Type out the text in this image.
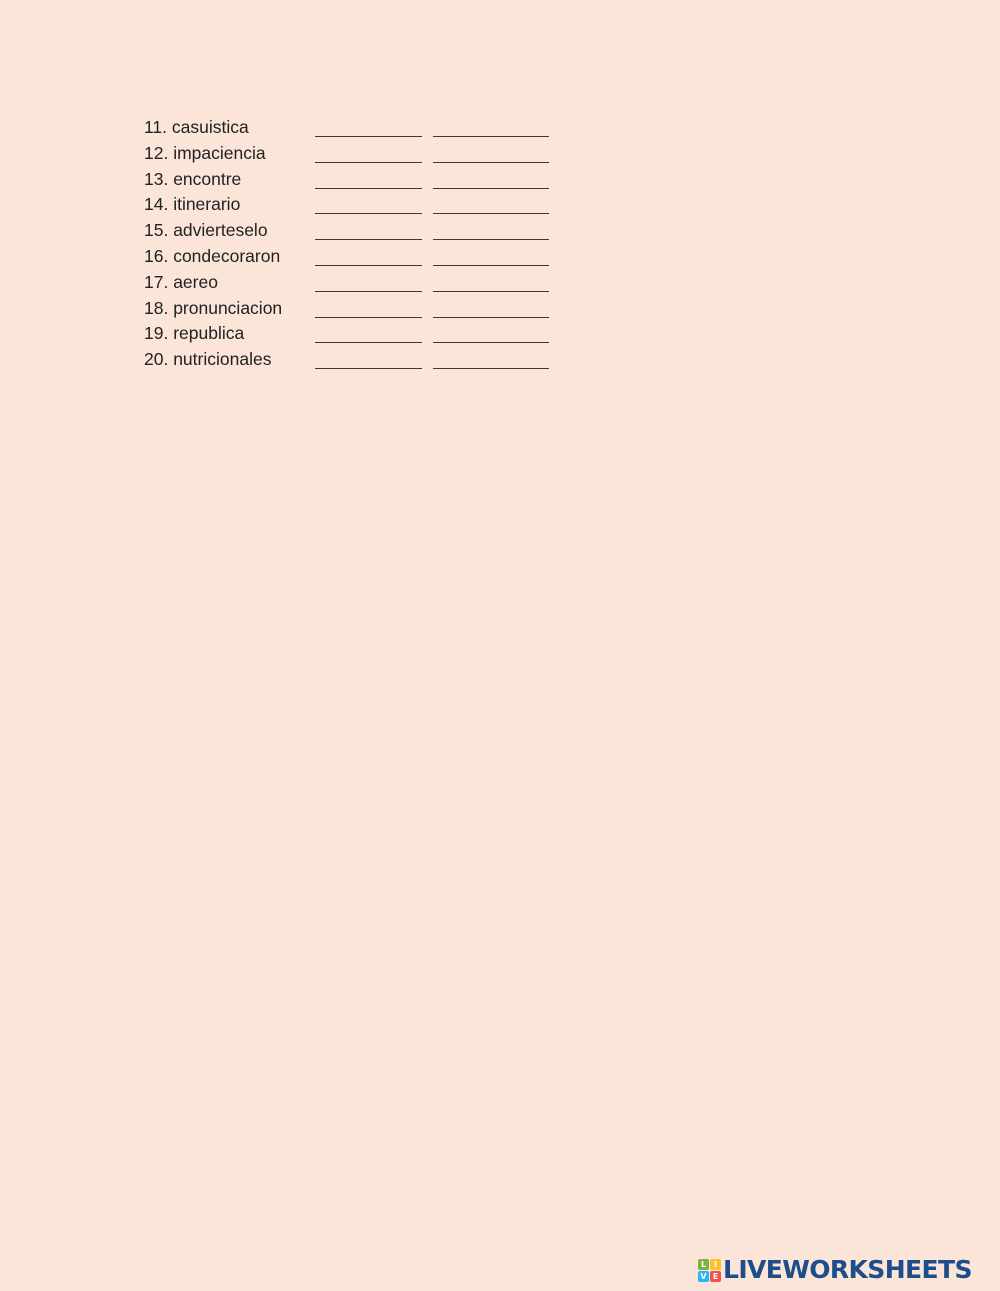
11. casuistica
12. impaciencia
13. encontre
14. itinerario
15. adviertеselo
16. condecoraron
17. aereo
18. pronunciacion
19. republica
20. nutricionales
L I
V E LIVEWORKSHEETS
